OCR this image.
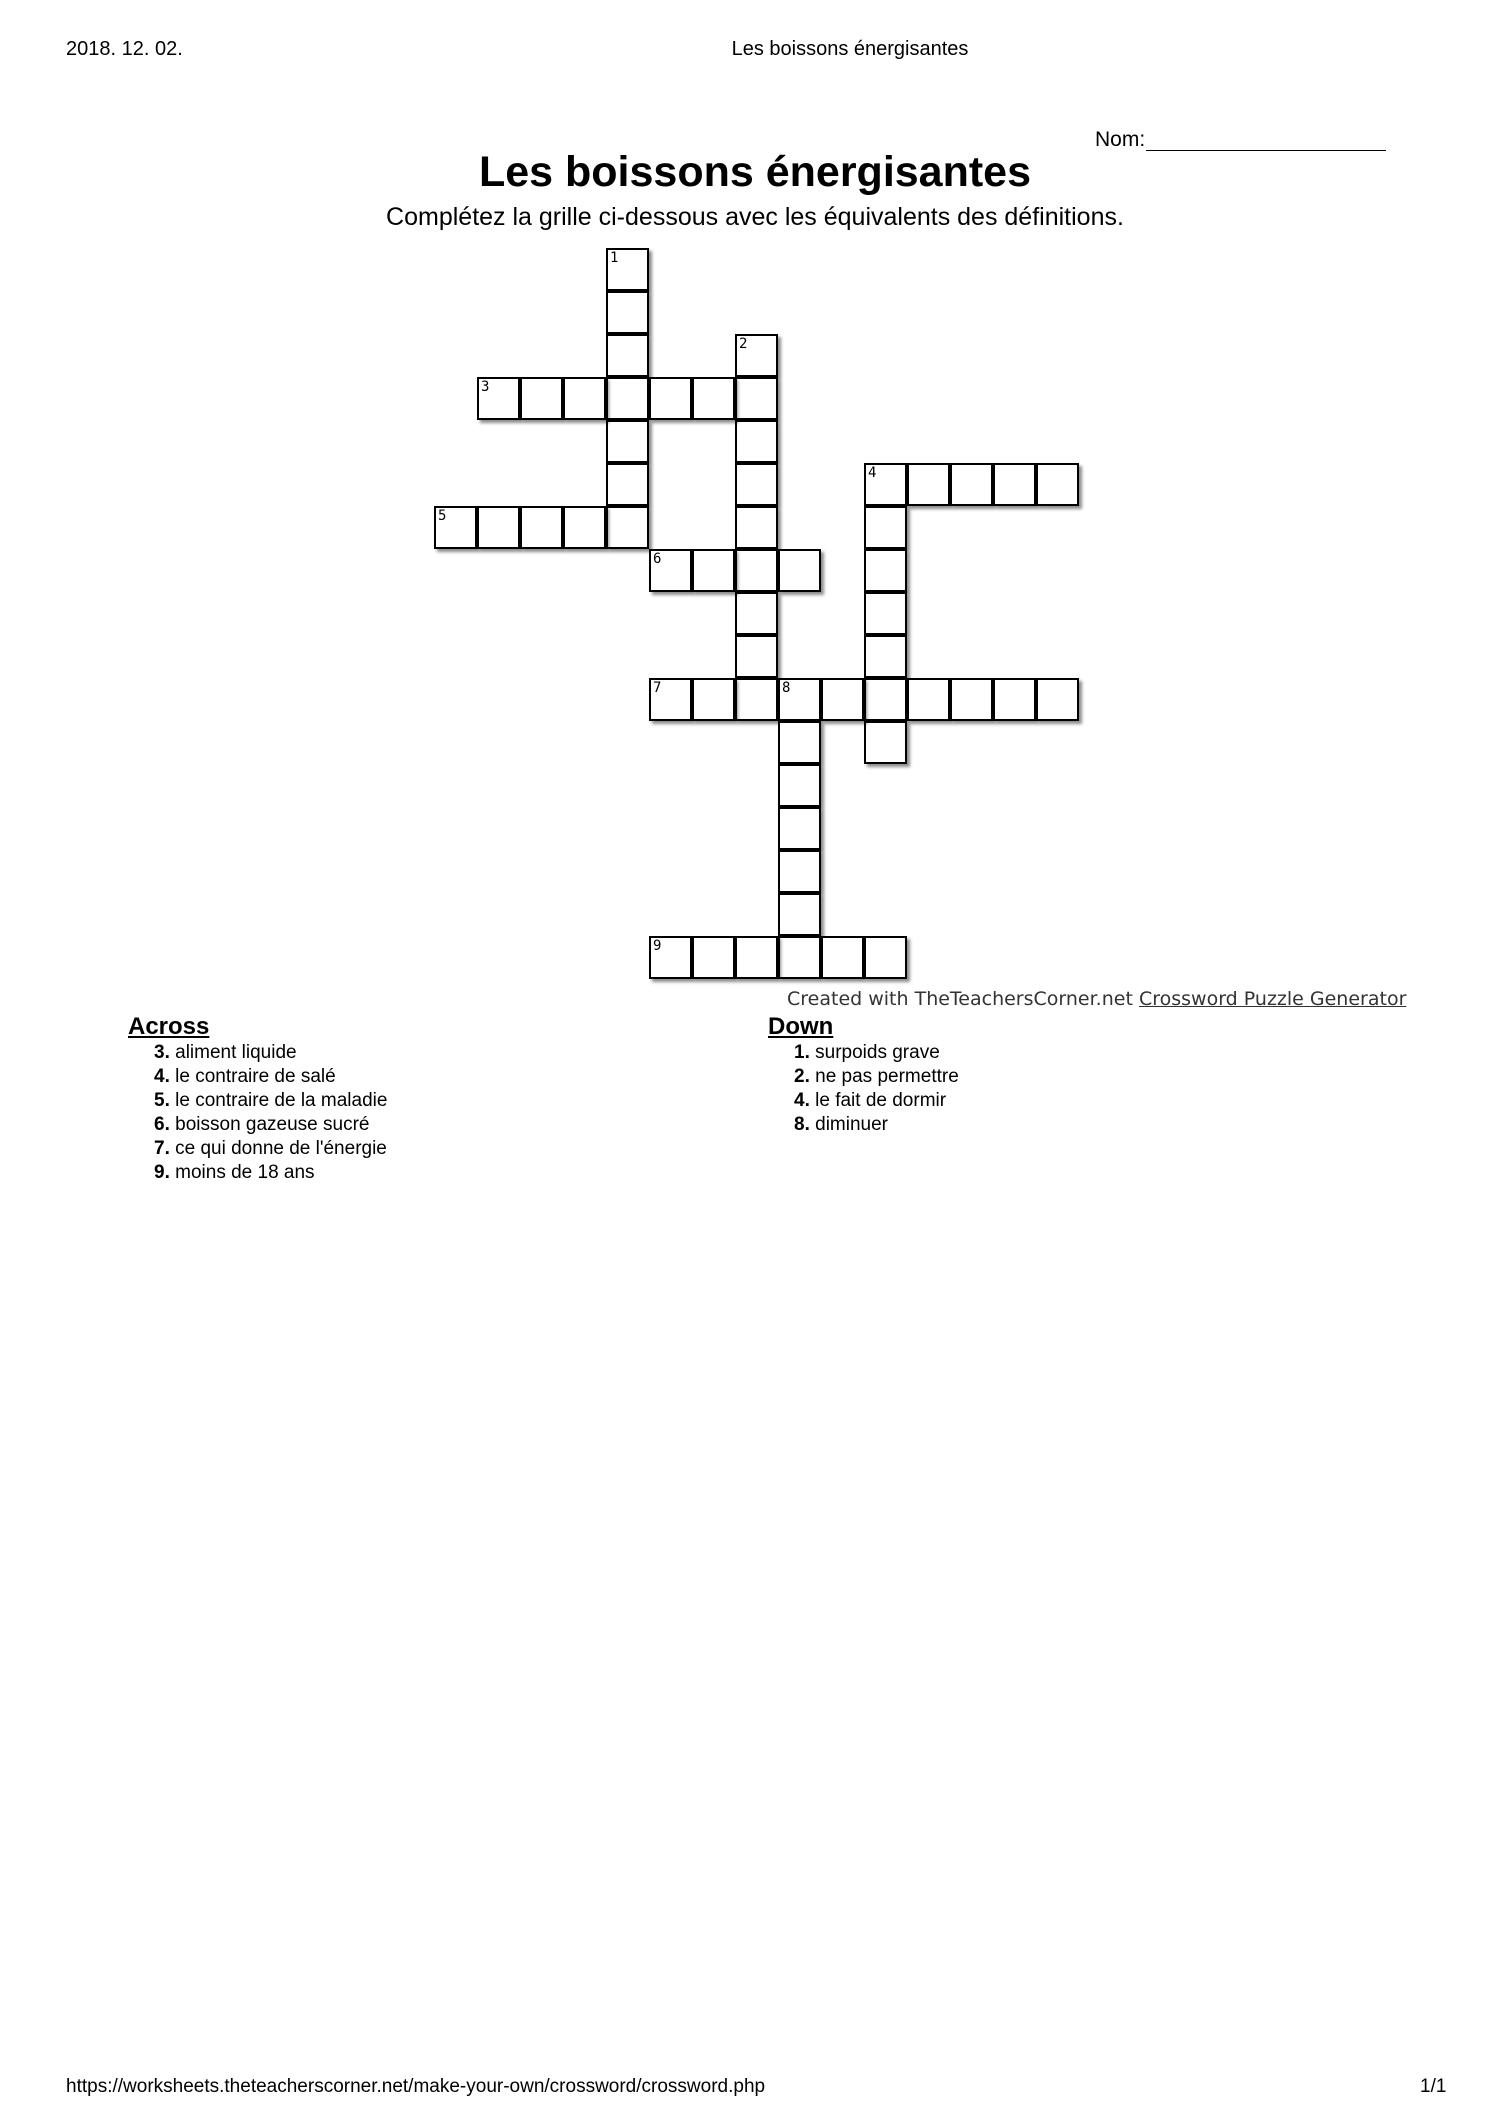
2018. 12. 02.	Les boissons énergisantes
Nom:
Les boissons énergisantes
Complétez la grille ci-dessous avec les équivalents des définitions.
1
2
3
4
5
6
7	8
9
Created with TheTeachersCorner.net Crossword Puzzle Generator
Across	Down
3. aliment liquide
4. le contraire de salé
5. le contraire de la maladie
6. boisson gazeuse sucré
7. ce qui donne de l'énergie
9. moins de 18 ans
1. surpoids grave
2. ne pas permettre
4. le fait de dormir
8. diminuer
https://worksheets.theteacherscorner.net/make-your-own/crossword/crossword.php	1/1
